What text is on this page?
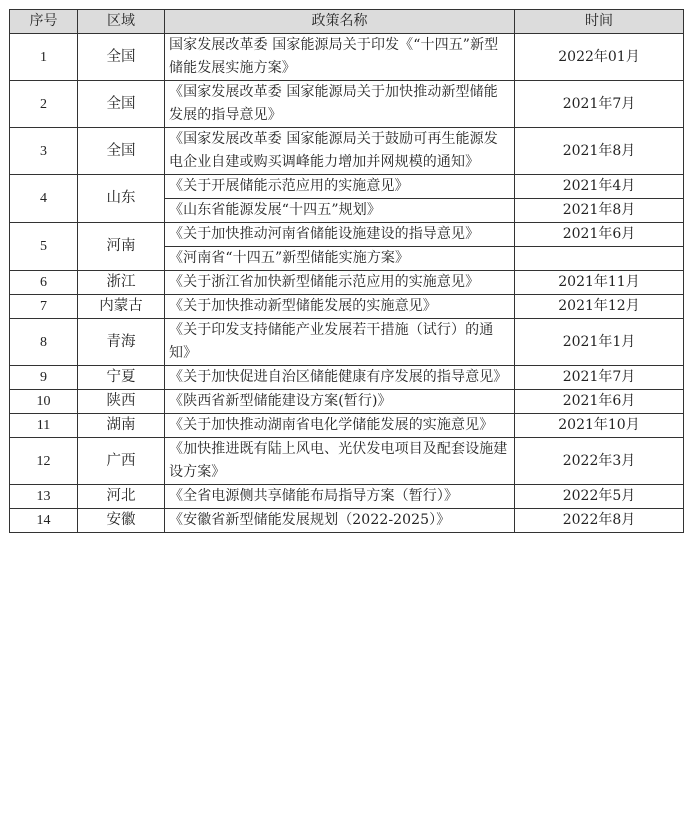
序号	区域	政策名称	时间
1	全国	国家发展改革委 国家能源局关于印发《“十四五”新型储能发展实施方案》	2022年01月
2	全国	《国家发展改革委 国家能源局关于加快推动新型储能发展的指导意见》	2021年7月
3	全国	《国家发展改革委 国家能源局关于鼓励可再生能源发电企业自建或购买调峰能力增加并网规模的通知》	2021年8月
4	山东	《关于开展储能示范应用的实施意见》	2021年4月
		《山东省能源发展“十四五”规划》	2021年8月
5	河南	《关于加快推动河南省储能设施建设的指导意见》	2021年6月
		《河南省“十四五”新型储能实施方案》	
6	浙江	《关于浙江省加快新型储能示范应用的实施意见》	2021年11月
7	内蒙古	《关于加快推动新型储能发展的实施意见》	2021年12月
8	青海	《关于印发支持储能产业发展若干措施（试行）的通知》	2021年1月
9	宁夏	《关于加快促进自治区储能健康有序发展的指导意见》	2021年7月
10	陕西	《陕西省新型储能建设方案(暂行)》	2021年6月
11	湖南	《关于加快推动湖南省电化学储能发展的实施意见》	2021年10月
12	广西	《加快推进既有陆上风电、光伏发电项目及配套设施建设方案》	2022年3月
13	河北	《全省电源侧共享储能布局指导方案（暂行）》	2022年5月
14	安徽	《安徽省新型储能发展规划（2022-2025）》	2022年8月
